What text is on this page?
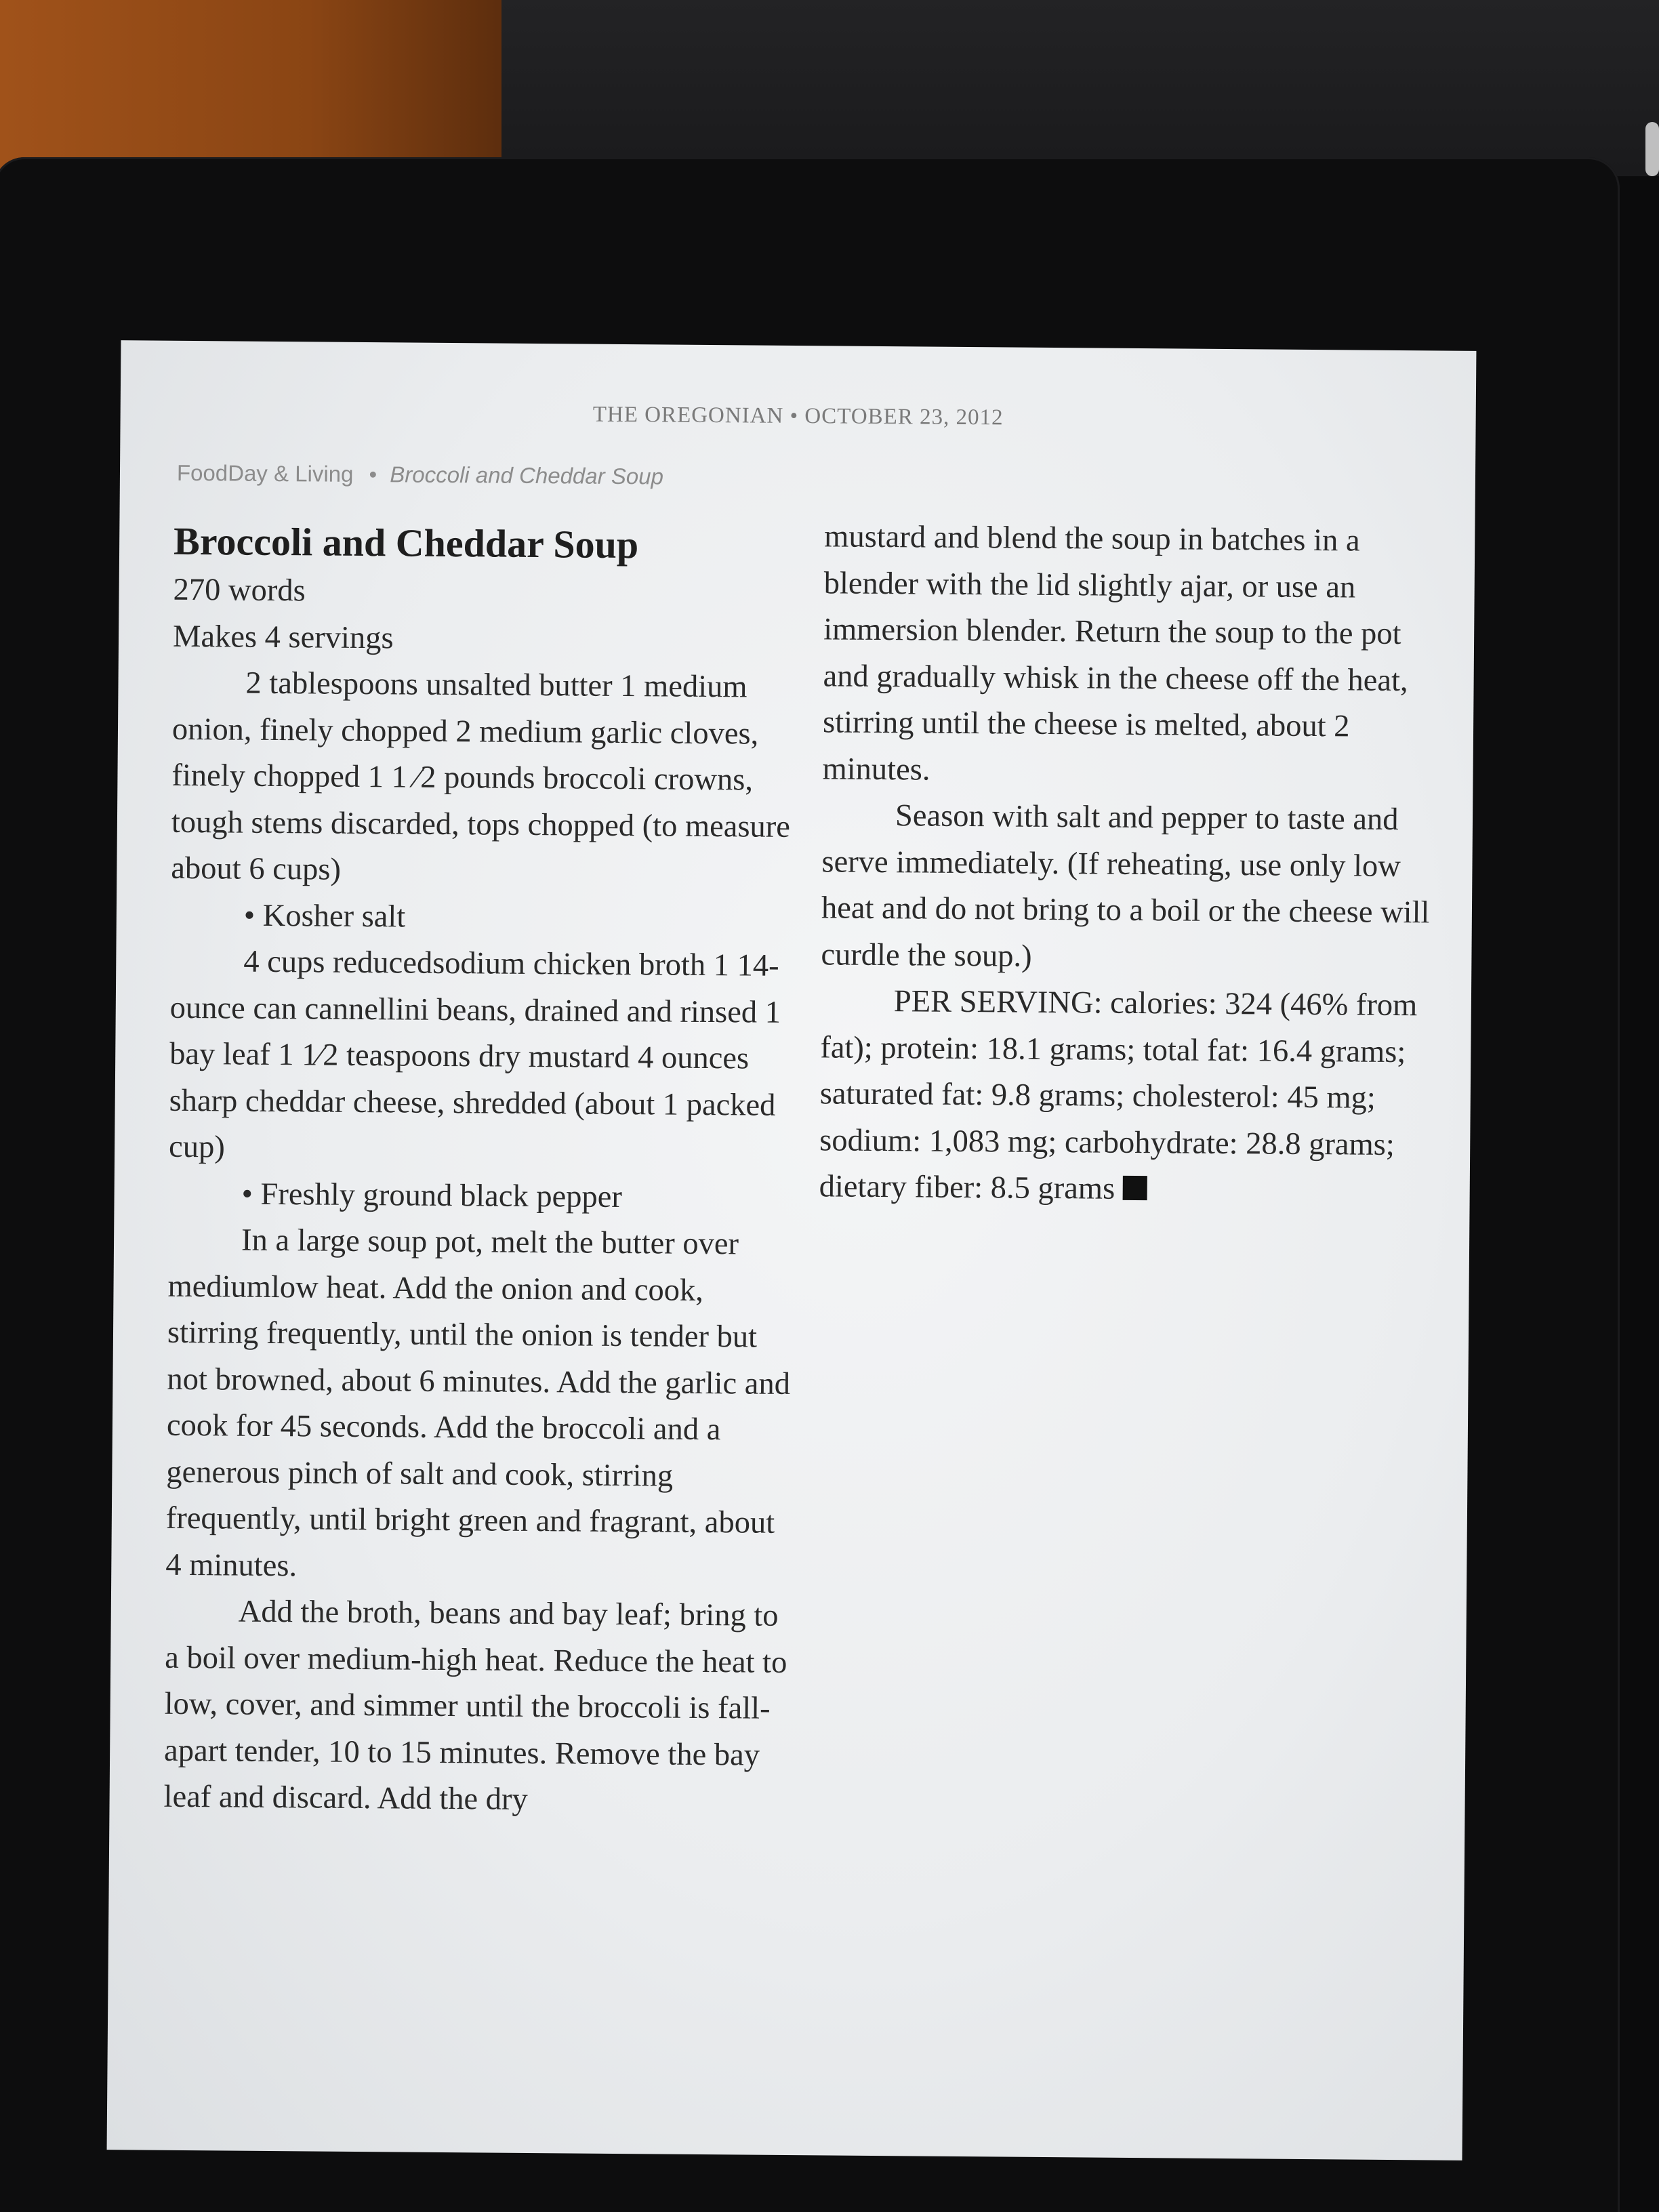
THE OREGONIAN • OCTOBER 23, 2012
FoodDay & Living • Broccoli and Cheddar Soup
Broccoli and Cheddar Soup

270 words

Makes 4 servings

2 tablespoons unsalted butter 1 medium onion, finely chopped 2 medium garlic cloves, finely chopped 1 1 ⁄2 pounds broccoli crowns, tough stems discarded, tops chopped (to measure about 6 cups)

• Kosher salt

4 cups reducedsodium chicken broth 1 14-ounce can cannellini beans, drained and rinsed 1 bay leaf 1 1⁄2 teaspoons dry mustard 4 ounces sharp cheddar cheese, shredded (about 1 packed cup)

• Freshly ground black pepper

In a large soup pot, melt the butter over mediumlow heat. Add the onion and cook, stirring frequently, until the onion is tender but not browned, about 6 minutes. Add the garlic and cook for 45 seconds. Add the broccoli and a generous pinch of salt and cook, stirring frequently, until bright green and fragrant, about 4 minutes.

Add the broth, beans and bay leaf; bring to a boil over medium-high heat. Reduce the heat to low, cover, and simmer until the broccoli is fall-apart tender, 10 to 15 minutes. Remove the bay leaf and discard. Add the dry

mustard and blend the soup in batches in a blender with the lid slightly ajar, or use an immersion blender. Return the soup to the pot and gradually whisk in the cheese off the heat, stirring until the cheese is melted, about 2 minutes.

Season with salt and pepper to taste and serve immediately. (If reheating, use only low heat and do not bring to a boil or the cheese will curdle the soup.)

PER SERVING: calories: 324 (46% from fat); protein: 18.1 grams; total fat: 16.4 grams; saturated fat: 9.8 grams; cholesterol: 45 mg; sodium: 1,083 mg; carbohydrate: 28.8 grams; dietary fiber: 8.5 grams
